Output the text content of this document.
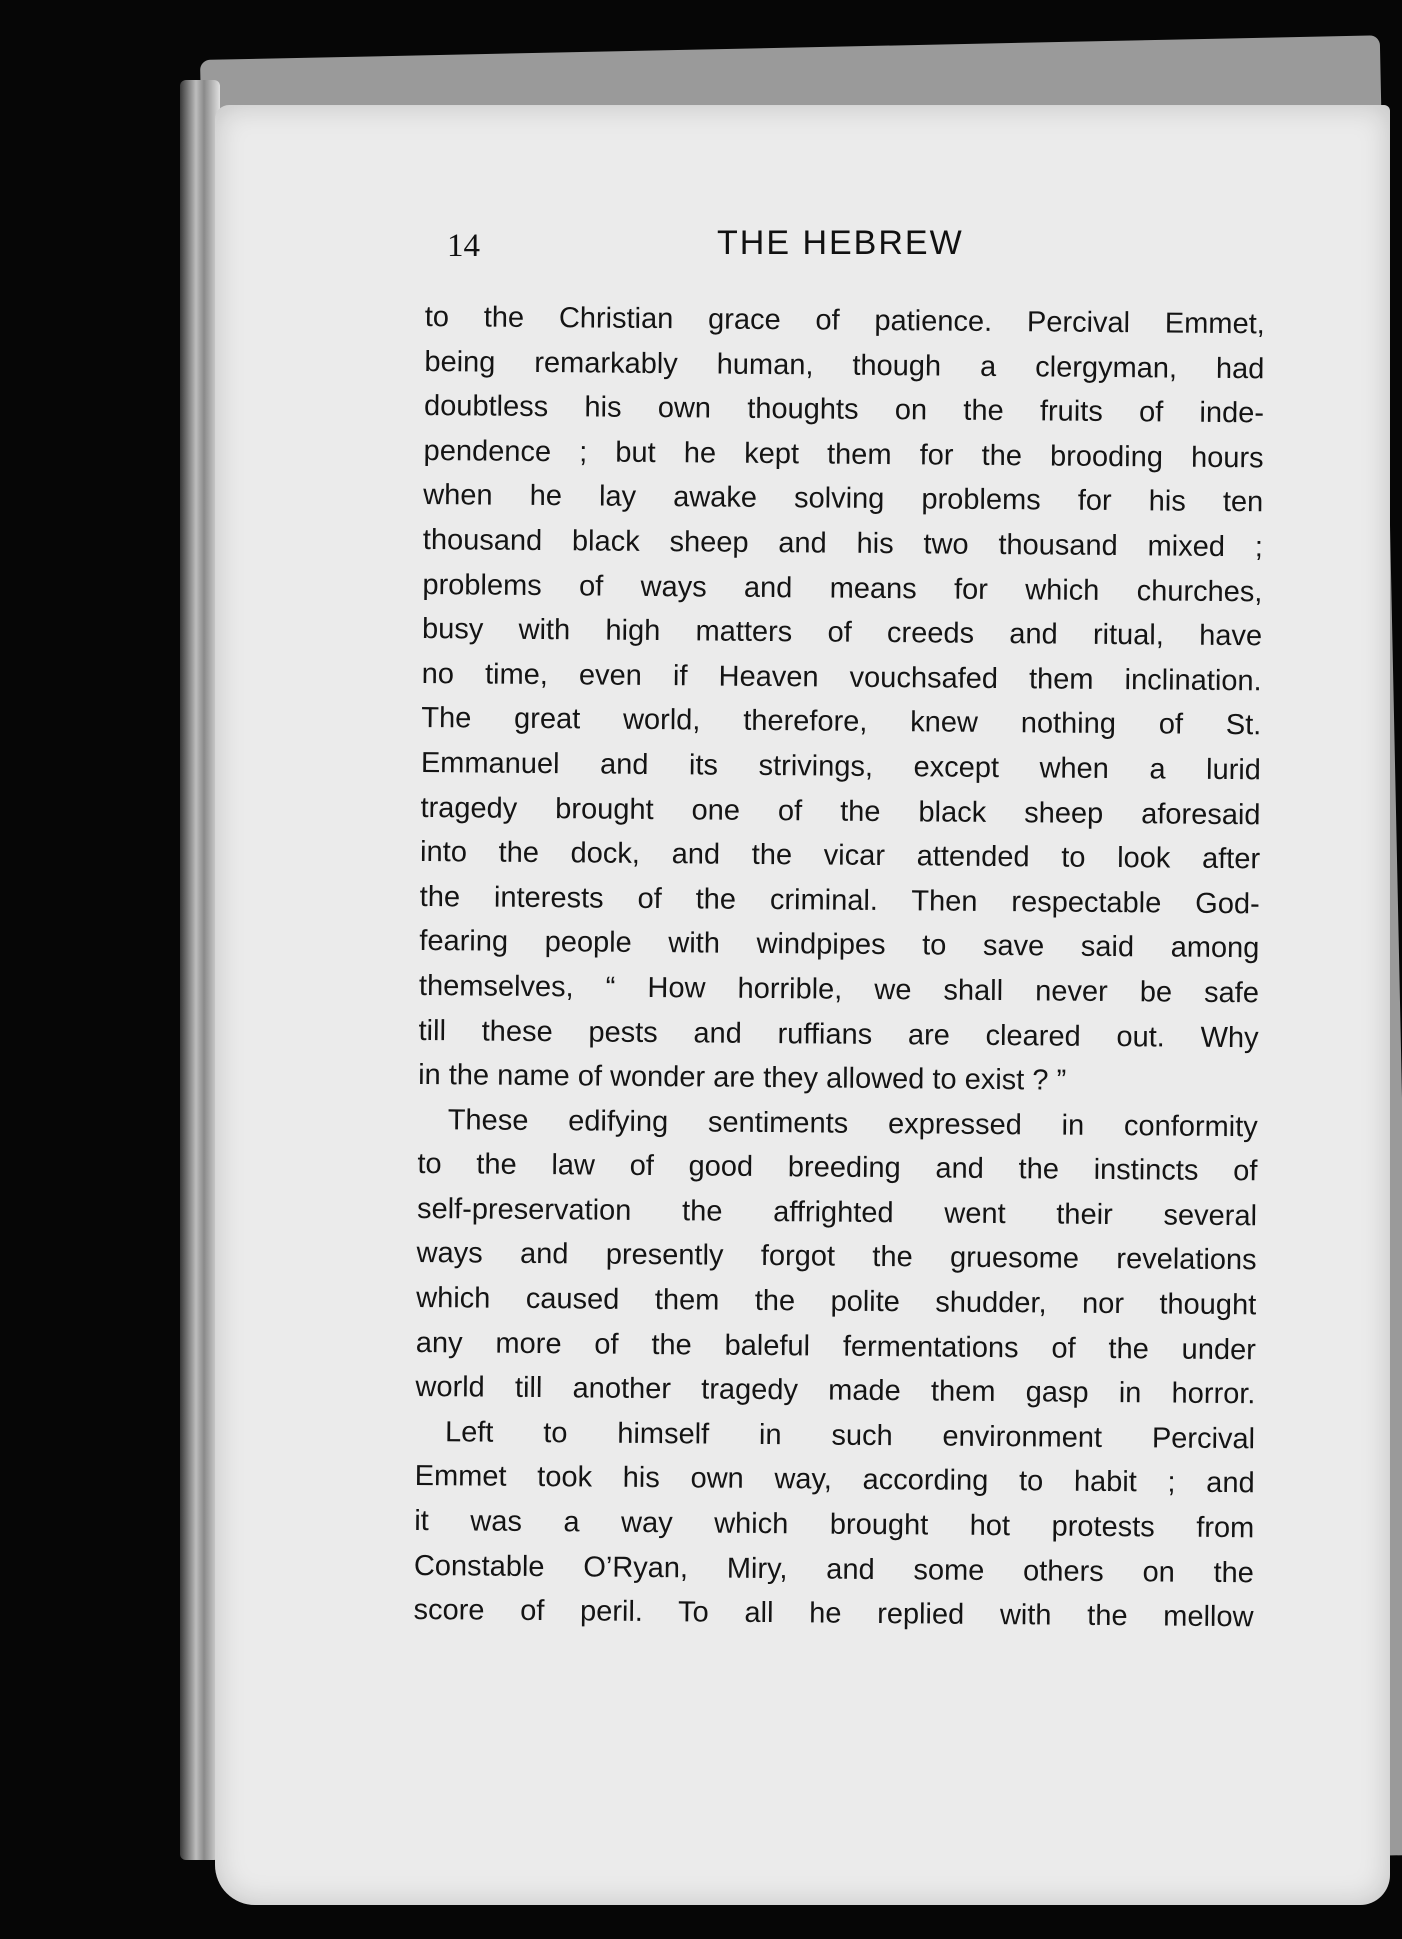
14	THE HEBREW
to the Christian grace of patience. Percival Emmet,
being remarkably human, though a clergyman, had
doubtless his own thoughts on the fruits of inde-
pendence ; but he kept them for the brooding hours
when he lay awake solving problems for his ten
thousand black sheep and his two thousand mixed ;
problems of ways and means for which churches,
busy with high matters of creeds and ritual, have
no time, even if Heaven vouchsafed them inclination.
The great world, therefore, knew nothing of St.
Emmanuel and its strivings, except when a lurid
tragedy brought one of the black sheep aforesaid
into the dock, and the vicar attended to look after
the interests of the criminal. Then respectable God-
fearing people with windpipes to save said among
themselves, “ How horrible, we shall never be safe
till these pests and ruffians are cleared out. Why
in the name of wonder are they allowed to exist ? ”
These edifying sentiments expressed in conformity
to the law of good breeding and the instincts of
self-preservation the affrighted went their several
ways and presently forgot the gruesome revelations
which caused them the polite shudder, nor thought
any more of the baleful fermentations of the under
world till another tragedy made them gasp in horror.
Left to himself in such environment Percival
Emmet took his own way, according to habit ; and
it was a way which brought hot protests from
Constable O’Ryan, Miry, and some others on the
score of peril. To all he replied with the mellow
